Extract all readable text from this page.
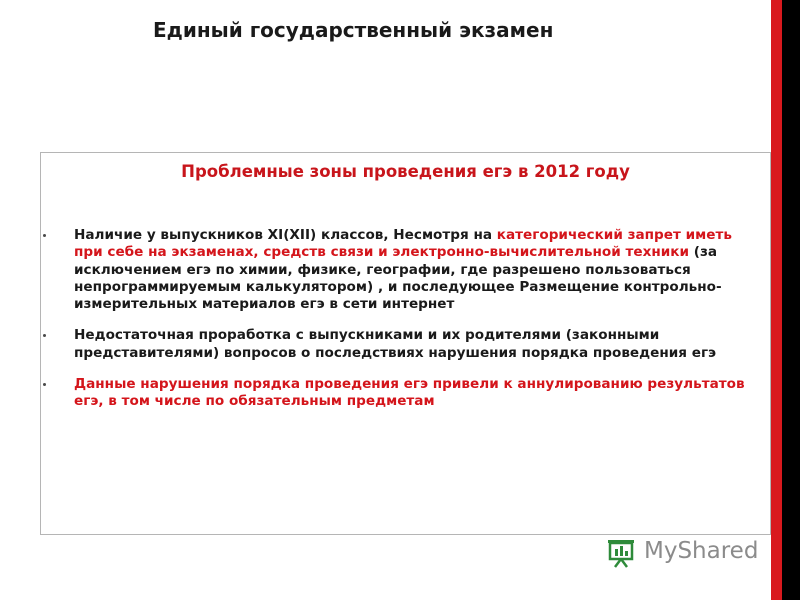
Единый государственный экзамен
Проблемные зоны проведения егэ в 2012 году
Наличие у выпускников XI(XII) классов, Несмотря на категорический запрет иметь при себе на экзаменах, средств связи и электронно-вычислительной техники (за исключением егэ по химии, физике, географии, где разрешено пользоваться непрограммируемым калькулятором) , и последующее Размещение контрольно-измерительных материалов егэ в сети интернет
Недостаточная проработка с выпускниками и их родителями (законными представителями) вопросов о последствиях нарушения порядка проведения егэ
Данные нарушения порядка проведения егэ привели к аннулированию результатов егэ, в том числе по обязательным предметам
MyShared
